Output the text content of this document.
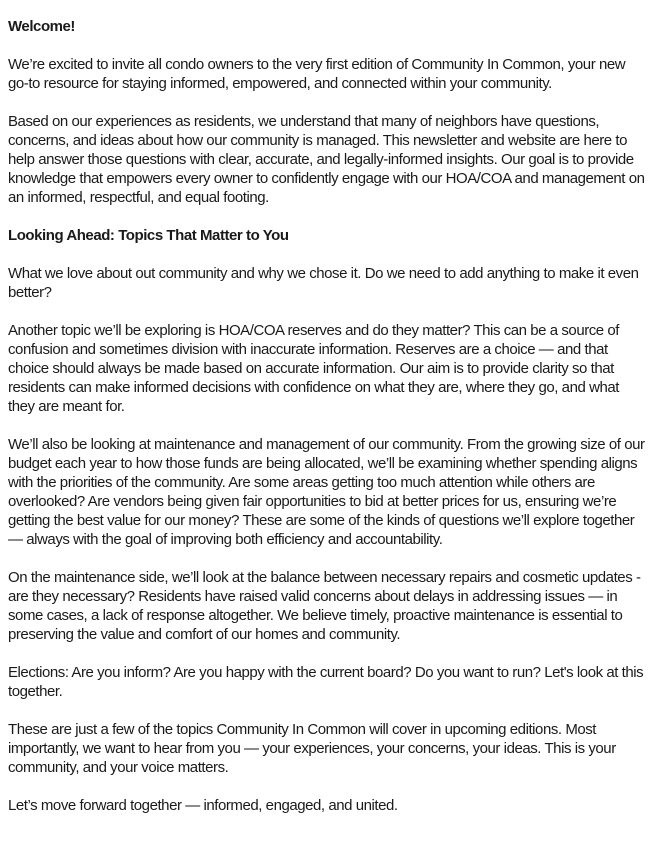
Welcome!

We’re excited to invite all condo owners to the very first edition of Community In Common, your new go-to resource for staying informed, empowered, and connected within your community.

Based on our experiences as residents, we understand that many of neighbors have questions, concerns, and ideas about how our community is managed. This newsletter and website are here to help answer those questions with clear, accurate, and legally-informed insights. Our goal is to provide knowledge that empowers every owner to confidently engage with our HOA/COA and management on an informed, respectful, and equal footing.

Looking Ahead: Topics That Matter to You

What we love about out community and why we chose it. Do we need to add anything to make it even better?

Another topic we’ll be exploring is HOA/COA reserves and do they matter? This can be a source of confusion and sometimes division with inaccurate information. Reserves are a choice — and that choice should always be made based on accurate information. Our aim is to provide clarity so that residents can make informed decisions with confidence on what they are, where they go, and what they are meant for.

We’ll also be looking at maintenance and management of our community. From the growing size of our budget each year to how those funds are being allocated, we’ll be examining whether spending aligns with the priorities of the community. Are some areas getting too much attention while others are overlooked? Are vendors being given fair opportunities to bid at better prices for us, ensuring we’re getting the best value for our money? These are some of the kinds of questions we’ll explore together — always with the goal of improving both efficiency and accountability.

On the maintenance side, we’ll look at the balance between necessary repairs and cosmetic updates - are they necessary? Residents have raised valid concerns about delays in addressing issues — in some cases, a lack of response altogether. We believe timely, proactive maintenance is essential to preserving the value and comfort of our homes and community.

Elections: Are you inform? Are you happy with the current board? Do you want to run? Let's look at this together.

These are just a few of the topics Community In Common will cover in upcoming editions. Most importantly, we want to hear from you — your experiences, your concerns, your ideas. This is your community, and your voice matters.

Let’s move forward together — informed, engaged, and united.
